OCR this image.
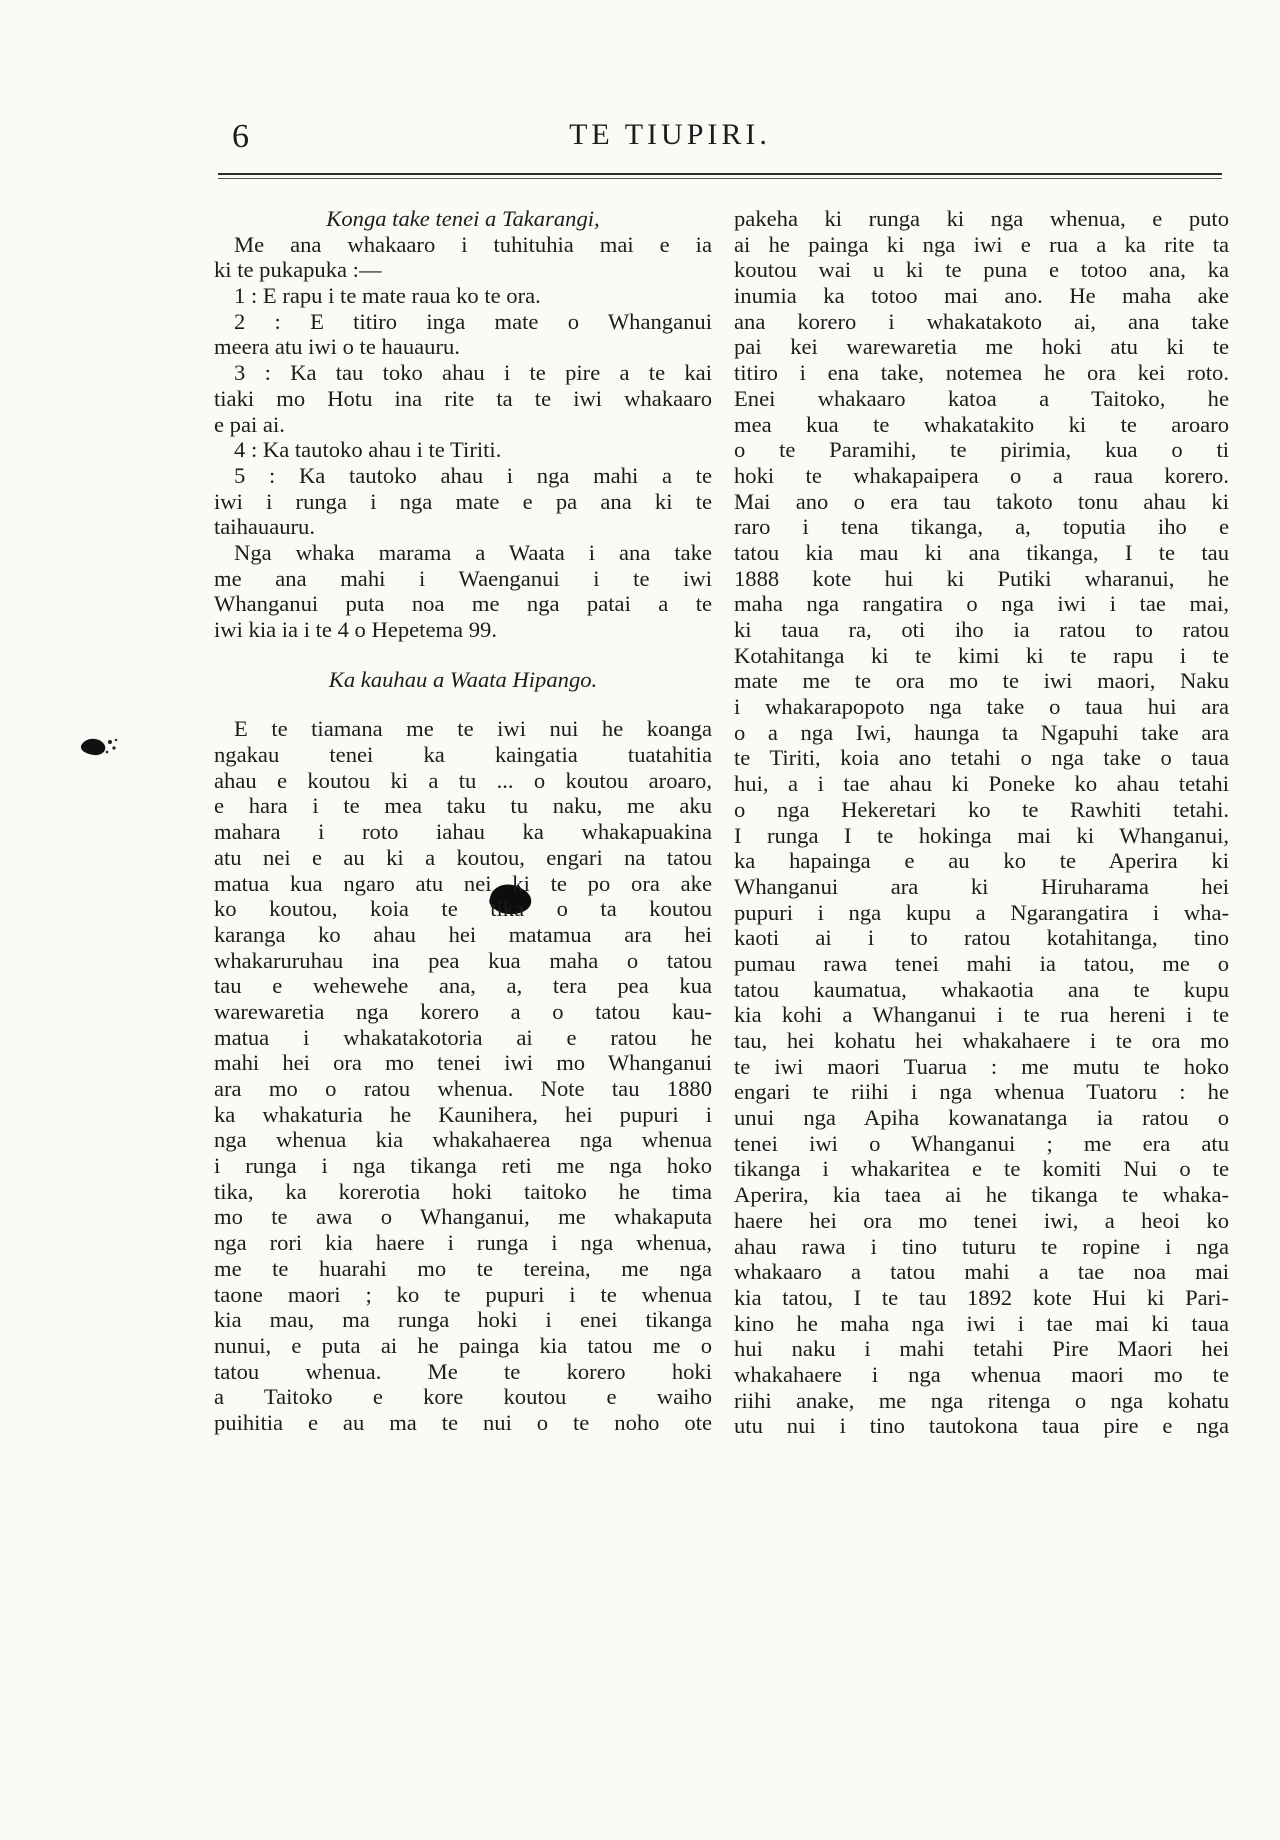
6	TE TIUPIRI.
Konga take tenei a Takarangi,
Me ana whakaaro i tuhituhia mai e ia
ki te pukapuka :—
1 : E rapu i te mate raua ko te ora.
2 : E titiro inga mate o Whanganui
meera atu iwi o te hauauru.
3 : Ka tau toko ahau i te pire a te kai
tiaki mo Hotu ina rite ta te iwi whakaaro
e pai ai.
4 : Ka tautoko ahau i te Tiriti.
5 : Ka tautoko ahau i nga mahi a te
iwi i runga i nga mate e pa ana ki te
taihauauru.
Nga whaka marama a Waata i ana take
me ana mahi i Waenganui i te iwi
Whanganui puta noa me nga patai a te
iwi kia ia i te 4 o Hepetema 99.
Ka kauhau a Waata Hipango.
E te tiamana me te iwi nui he koanga
ngakau tenei ka kaingatia tuatahitia
ahau e koutou ki a tu ... o koutou aroaro,
e hara i te mea taku tu naku, me aku
mahara i roto iahau ka whakapuakina
atu nei e au ki a koutou, engari na tatou
matua kua ngaro atu nei ki te po ora ake
ko koutou, koia te tika o ta koutou
karanga ko ahau hei matamua ara hei
whakaruruhau ina pea kua maha o tatou
tau e wehewehe ana, a, tera pea kua
warewaretia nga korero a o tatou kau-
matua i whakatakotoria ai e ratou he
mahi hei ora mo tenei iwi mo Whanganui
ara mo o ratou whenua. Note tau 1880
ka whakaturia he Kaunihera, hei pupuri i
nga whenua kia whakahaerea nga whenua
i runga i nga tikanga reti me nga hoko
tika, ka korerotia hoki taitoko he tima
mo te awa o Whanganui, me whakaputa
nga rori kia haere i runga i nga whenua,
me te huarahi mo te tereina, me nga
taone maori ; ko te pupuri i te whenua
kia mau, ma runga hoki i enei tikanga
nunui, e puta ai he painga kia tatou me o
tatou whenua. Me te korero hoki
a Taitoko e kore koutou e waiho
puihitia e au ma te nui o te noho ote
pakeha ki runga ki nga whenua, e puto
ai he painga ki nga iwi e rua a ka rite ta
koutou wai u ki te puna e totoo ana, ka
inumia ka totoo mai ano. He maha ake
ana korero i whakatakoto ai, ana take
pai kei warewaretia me hoki atu ki te
titiro i ena take, notemea he ora kei roto.
Enei whakaaro katoa a Taitoko, he
mea kua te whakatakito ki te aroaro
o te Paramihi, te pirimia, kua o ti
hoki te whakapaipera o a raua korero.
Mai ano o era tau takoto tonu ahau ki
raro i tena tikanga, a, toputia iho e
tatou kia mau ki ana tikanga, I te tau
1888 kote hui ki Putiki wharanui, he
maha nga rangatira o nga iwi i tae mai,
ki taua ra, oti iho ia ratou to ratou
Kotahitanga ki te kimi ki te rapu i te
mate me te ora mo te iwi maori, Naku
i whakarapopoto nga take o taua hui ara
o a nga Iwi, haunga ta Ngapuhi take ara
te Tiriti, koia ano tetahi o nga take o taua
hui, a i tae ahau ki Poneke ko ahau tetahi
o nga Hekeretari ko te Rawhiti tetahi.
I runga I te hokinga mai ki Whanganui,
ka hapainga e au ko te Aperira ki
Whanganui ara ki Hiruharama hei
pupuri i nga kupu a Ngarangatira i wha-
kaoti ai i to ratou kotahitanga, tino
pumau rawa tenei mahi ia tatou, me o
tatou kaumatua, whakaotia ana te kupu
kia kohi a Whanganui i te rua hereni i te
tau, hei kohatu hei whakahaere i te ora mo
te iwi maori Tuarua : me mutu te hoko
engari te riihi i nga whenua Tuatoru : he
unui nga Apiha kowanatanga ia ratou o
tenei iwi o Whanganui ; me era atu
tikanga i whakaritea e te komiti Nui o te
Aperira, kia taea ai he tikanga te whaka-
haere hei ora mo tenei iwi, a heoi ko
ahau rawa i tino tuturu te ropine i nga
whakaaro a tatou mahi a tae noa mai
kia tatou, I te tau 1892 kote Hui ki Pari-
kino he maha nga iwi i tae mai ki taua
hui naku i mahi tetahi Pire Maori hei
whakahaere i nga whenua maori mo te
riihi anake, me nga ritenga o nga kohatu
utu nui i tino tautokona taua pire e nga
